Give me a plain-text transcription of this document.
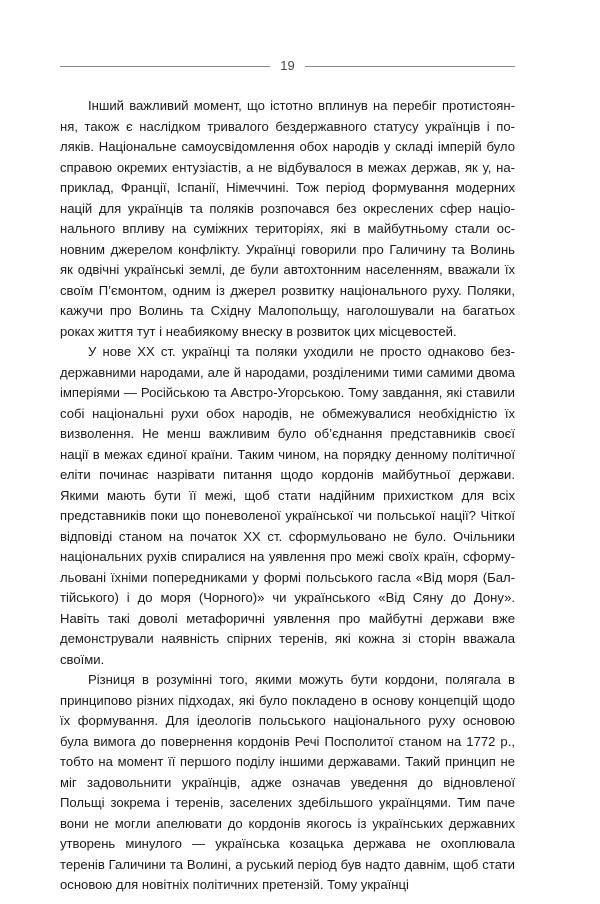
19

Інший важливий момент, що істотно вплинув на перебіг протистояння, також є наслідком тривалого бездержавного статусу українців і поляків. Національне самоусвідомлення обох народів у складі імперій було справою окремих ентузіастів, а не відбувалося в межах держав, як у, наприклад, Франції, Іспанії, Німеччині. Тож період формування модерних націй для українців та поляків розпочався без окреслених сфер національного впливу на суміжних територіях, які в майбутньому стали основним джерелом конфлікту. Українці говорили про Галичину та Волинь як одвічні українські землі, де були автохтонним населенням, вважали їх своїм П’ємонтом, одним із джерел розвитку національного руху. Поляки, кажучи про Волинь та Східну Малопольщу, наголошували на багатьох роках життя тут і неабиякому внеску в розвиток цих місцевостей.

У нове ХХ ст. українці та поляки уходили не просто однаково бездержавними народами, але й народами, розділеними тими самими двома імперіями — Російською та Австро-Угорською. Тому завдання, які ставили собі національні рухи обох народів, не обмежувалися необхідністю їх визволення. Не менш важливим було об’єднання представників своєї нації в межах єдиної країни. Таким чином, на порядку денному політичної еліти починає назрівати питання щодо кордонів майбутньої держави. Якими мають бути її межі, щоб стати надійним прихистком для всіх представників поки що поневоленої української чи польської нації? Чіткої відповіді станом на початок ХХ ст. сформульовано не було. Очільники національних рухів спиралися на уявлення про межі своїх країн, сформульовані їхніми попередниками у формі польського гасла «Від моря (Балтійського) і до моря (Чорного)» чи українського «Від Сяну до Дону». Навіть такі доволі метафоричні уявлення про майбутні держави вже демонстрували наявність спірних теренів, які кожна зі сторін вважала своїми.

Різниця в розумінні того, якими можуть бути кордони, полягала в принципово різних підходах, які було покладено в основу концепцій щодо їх формування. Для ідеологів польського національного руху основою була вимога до повернення кордонів Речі Посполитої станом на 1772 р., тобто на момент її першого поділу іншими державами. Такий принцип не міг задовольнити українців, адже означав уведення до відновленої Польщі зокрема і теренів, заселених здебільшого українцями. Тим паче вони не могли апелювати до кордонів якогось із українських державних утворень минулого — українська козацька держава не охоплювала теренів Галичини та Волині, а руський період був надто давнім, щоб стати основою для новітніх політичних претензій. Тому українці
